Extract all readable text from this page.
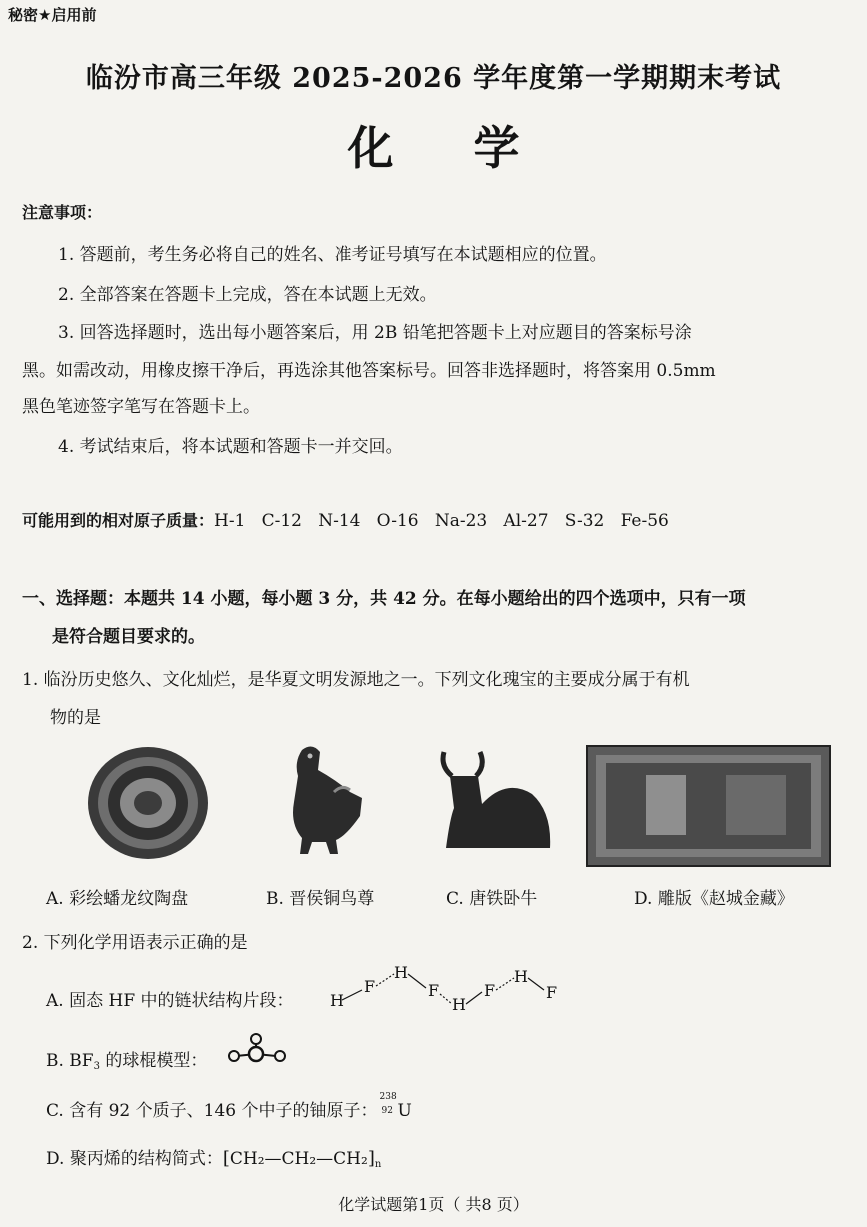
秘密★启用前
临汾市高三年级 2025-2026 学年度第一学期期末考试
化 学
注意事项：
1. 答题前，考生务必将自己的姓名、准考证号填写在本试题相应的位置。
2. 全部答案在答题卡上完成，答在本试题上无效。
3. 回答选择题时，选出每小题答案后，用 2B 铅笔把答题卡上对应题目的答案标号涂
黑。如需改动，用橡皮擦干净后，再选涂其他答案标号。回答非选择题时，将答案用 0.5mm
黑色笔迹签字笔写在答题卡上。
4. 考试结束后，将本试题和答题卡一并交回。
可能用到的相对原子质量：H-1   C-12   N-14   O-16   Na-23   Al-27   S-32   Fe-56
一、选择题：本题共 14 小题，每小题 3 分，共 42 分。在每小题给出的四个选项中，只有一项
是符合题目要求的。
1. 临汾历史悠久、文化灿烂，是华夏文明发源地之一。下列文化瑰宝的主要成分属于有机
物的是
A. 彩绘蟠龙纹陶盘	B. 晋侯铜鸟尊	C. 唐铁卧牛	D. 雕版《赵城金藏》
2. 下列化学用语表示正确的是
A. 固态 HF 中的链状结构片段： H
F
H
F
H
F
H
F
B. $BF_3$ 的球棍模型：
C. 含有 92 个质子、146 个中子的铀原子：
238
92 U
D. 聚丙烯的结构简式：$[CH_2—CH_2—CH_2]_n$
化学试题第1页（ 共8 页）
